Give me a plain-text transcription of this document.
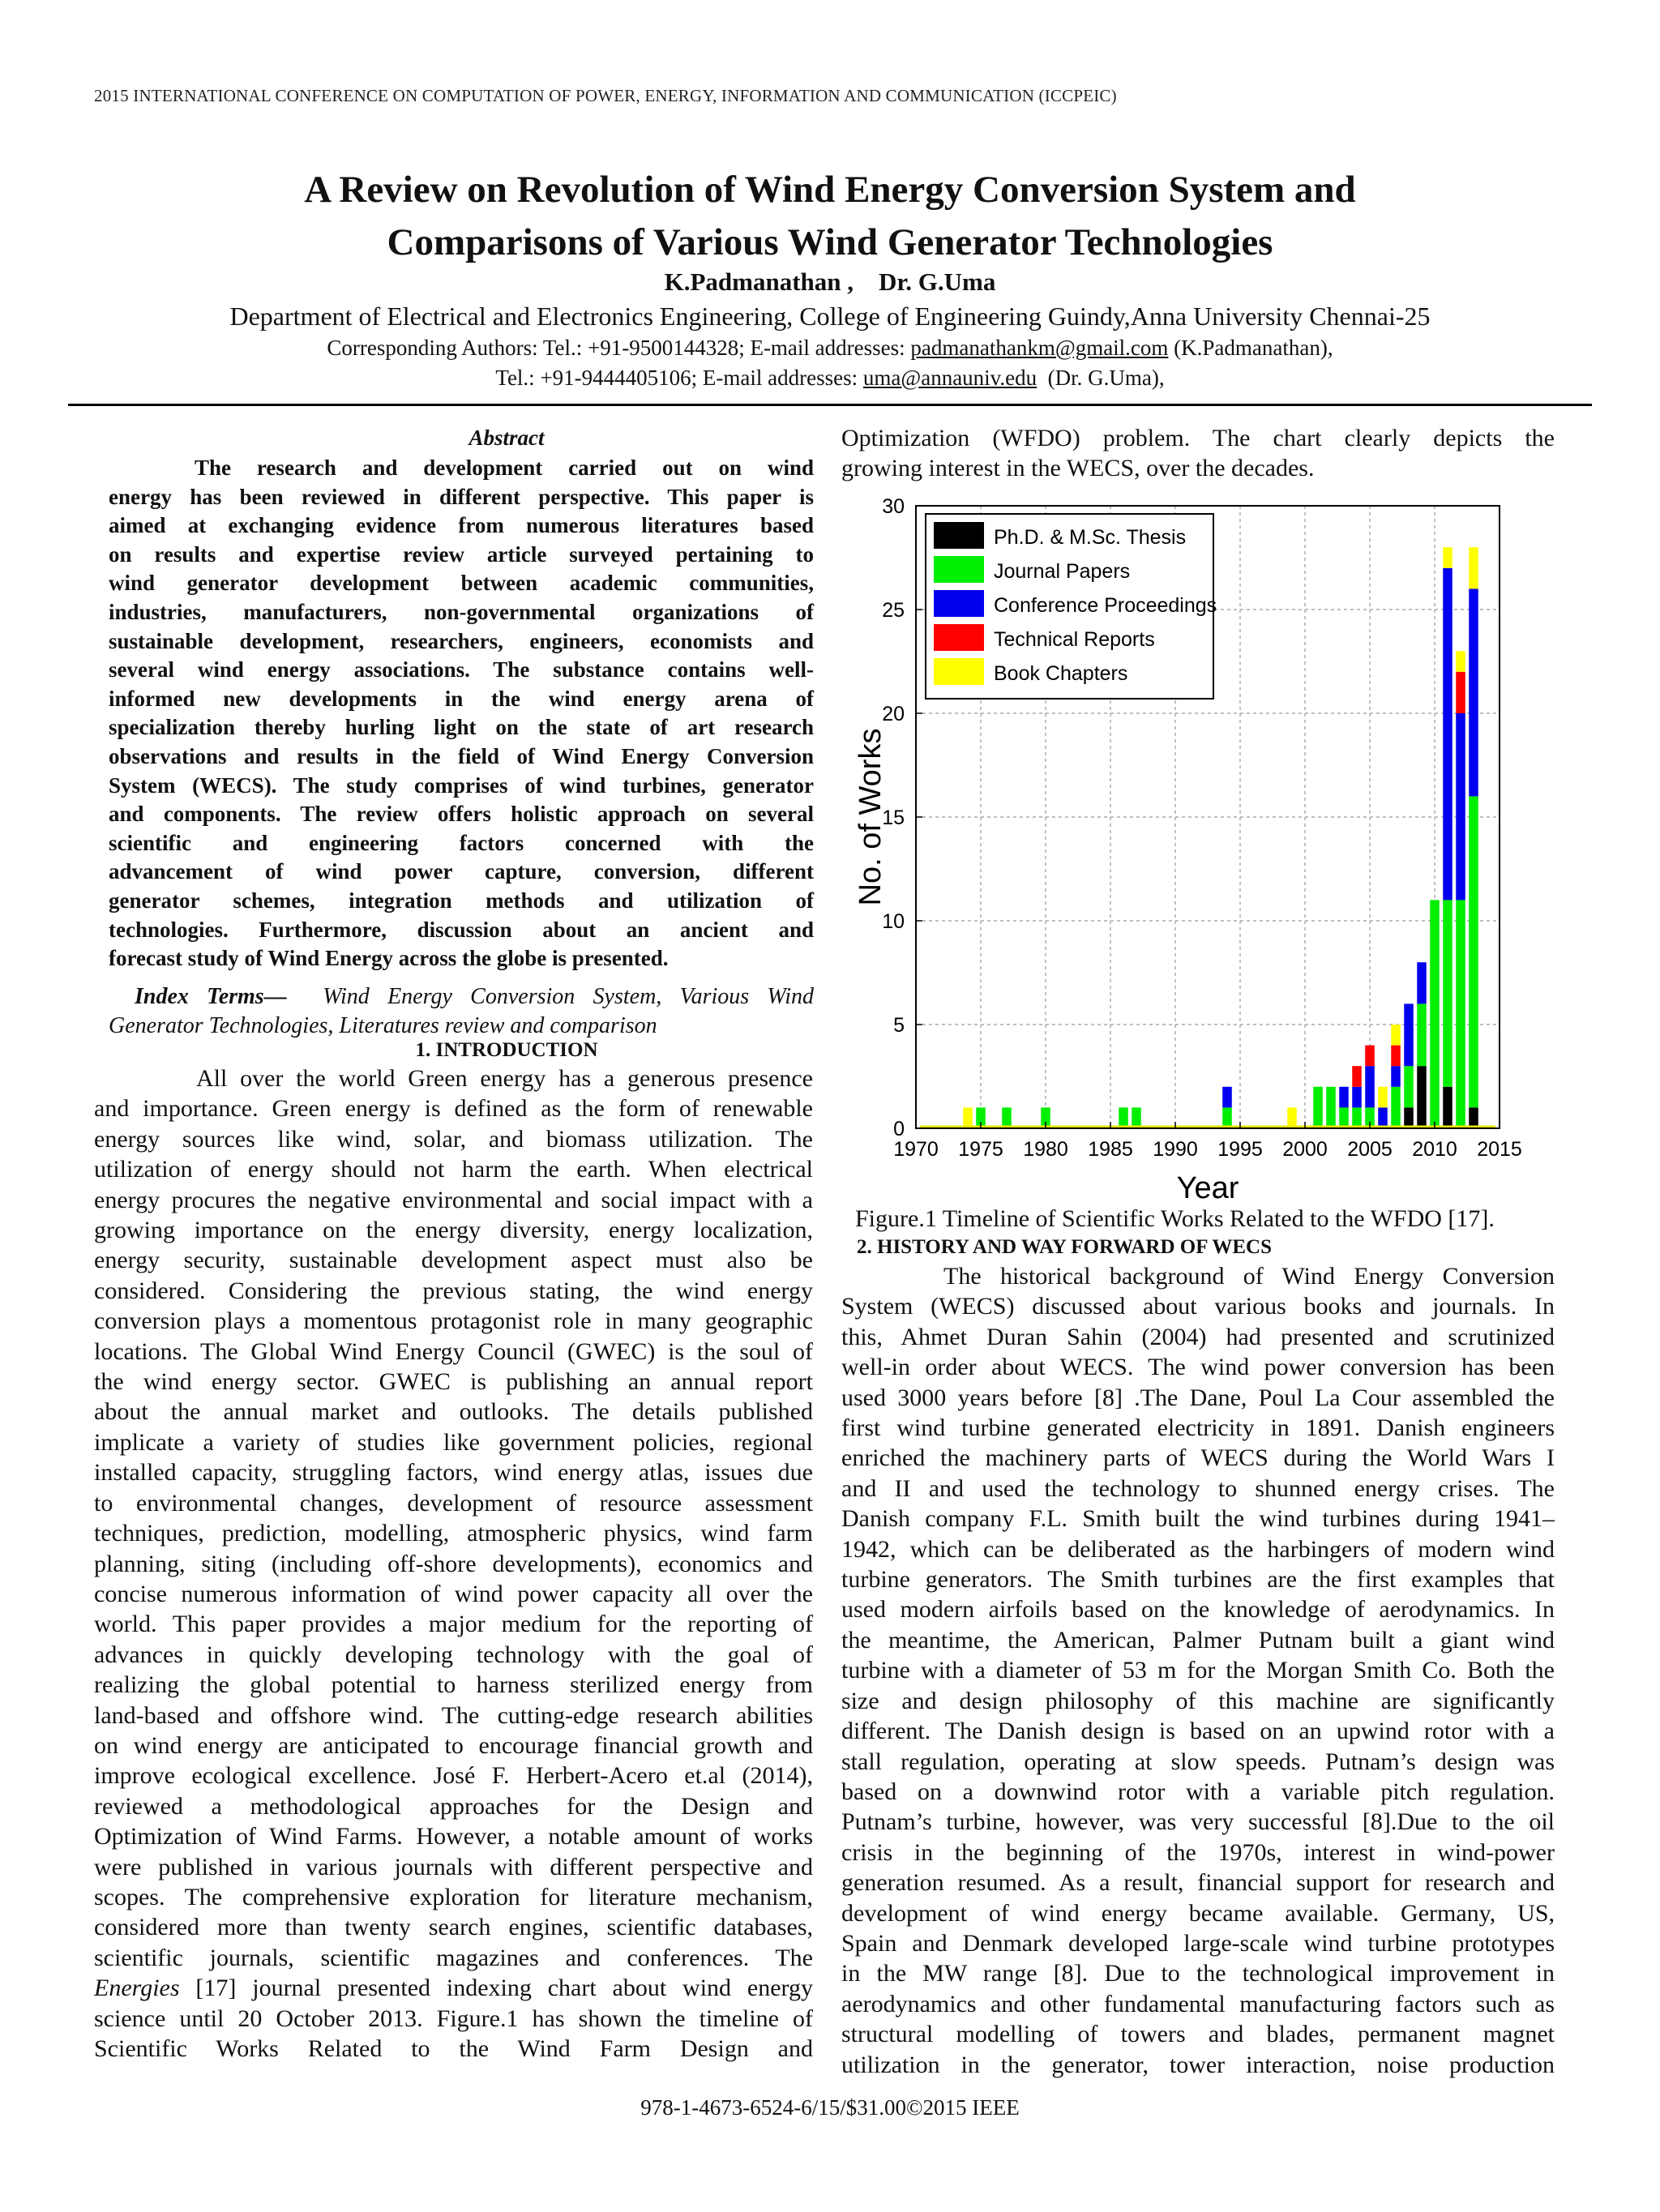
2015 INTERNATIONAL CONFERENCE ON COMPUTATION OF POWER, ENERGY, INFORMATION AND COMMUNICATION (ICCPEIC)
A Review on Revolution of Wind Energy Conversion System and
Comparisons of Various Wind Generator Technologies
K.Padmanathan ,    Dr. G.Uma
Department of Electrical and Electronics Engineering, College of Engineering Guindy,Anna University Chennai-25
Corresponding Authors: Tel.: +91-9500144328; E-mail addresses: padmanathankm@gmail.com (K.Padmanathan),
Tel.: +91-9444405106; E-mail addresses: uma@annauniv.edu  (Dr. G.Uma),
Abstract
The research and development carried out on wind
energy has been reviewed in different perspective. This paper is
aimed at exchanging evidence from numerous literatures based
on results and expertise review article surveyed pertaining to
wind generator development between academic communities,
industries, manufacturers, non-governmental organizations of
sustainable development, researchers, engineers, economists and
several wind energy associations. The substance contains well-
informed new developments in the wind energy arena of
specialization thereby hurling light on the state of art research
observations and results in the field of Wind Energy Conversion
System (WECS). The study comprises of wind turbines, generator
and components. The review offers holistic approach on several
scientific and engineering factors concerned with the
advancement of wind power capture, conversion, different
generator schemes, integration methods and utilization of
technologies. Furthermore, discussion about an ancient and
forecast study of Wind Energy across the globe is presented.
Index Terms— Wind Energy Conversion System, Various Wind
Generator Technologies, Literatures review and comparison
1. INTRODUCTION
All over the world Green energy has a generous presence
and importance. Green energy is defined as the form of renewable
energy sources like wind, solar, and biomass utilization. The
utilization of energy should not harm the earth. When electrical
energy procures the negative environmental and social impact with a
growing importance on the energy diversity, energy localization,
energy security, sustainable development aspect must also be
considered. Considering the previous stating, the wind energy
conversion plays a momentous protagonist role in many geographic
locations. The Global Wind Energy Council (GWEC) is the soul of
the wind energy sector. GWEC is publishing an annual report
about the annual market and outlooks. The details published
implicate a variety of studies like government policies, regional
installed capacity, struggling factors, wind energy atlas, issues due
to environmental changes, development of resource assessment
techniques, prediction, modelling, atmospheric physics, wind farm
planning, siting (including off-shore developments), economics and
concise numerous information of wind power capacity all over the
world. This paper provides a major medium for the reporting of
advances in quickly developing technology with the goal of
realizing the global potential to harness sterilized energy from
land-based and offshore wind. The cutting-edge research abilities
on wind energy are anticipated to encourage financial growth and
improve ecological excellence. José F. Herbert-Acero et.al (2014),
reviewed a methodological approaches for the Design and
Optimization of Wind Farms. However, a notable amount of works
were published in various journals with different perspective and
scopes. The comprehensive exploration for literature mechanism,
considered more than twenty search engines, scientific databases,
scientific journals, scientific magazines and conferences. The
Energies [17] journal presented indexing chart about wind energy
science until 20 October 2013. Figure.1 has shown the timeline of
Scientific Works Related to the Wind Farm Design and
Optimization (WFDO) problem. The chart clearly depicts the
growing interest in the WECS, over the decades.
1970 1975 1980 1985 1990 1995 2000 2005 2010 2015
0
5
10
15
20
25
30
Ph.D. & M.Sc. Thesis
Journal Papers
Conference Proceedings
Technical Reports
Book Chapters
Year
No. of Works
Figure.1 Timeline of Scientific Works Related to the WFDO [17].
2. HISTORY AND WAY FORWARD OF WECS
The historical background of Wind Energy Conversion
System (WECS) discussed about various books and journals. In
this, Ahmet Duran Sahin (2004) had presented and scrutinized
well-in order about WECS. The wind power conversion has been
used 3000 years before [8] .The Dane, Poul La Cour assembled the
first wind turbine generated electricity in 1891. Danish engineers
enriched the machinery parts of WECS during the World Wars I
and II and used the technology to shunned energy crises. The
Danish company F.L. Smith built the wind turbines during 1941–
1942, which can be deliberated as the harbingers of modern wind
turbine generators. The Smith turbines are the first examples that
used modern airfoils based on the knowledge of aerodynamics. In
the meantime, the American, Palmer Putnam built a giant wind
turbine with a diameter of 53 m for the Morgan Smith Co. Both the
size and design philosophy of this machine are significantly
different. The Danish design is based on an upwind rotor with a
stall regulation, operating at slow speeds. Putnam’s design was
based on a downwind rotor with a variable pitch regulation.
Putnam’s turbine, however, was very successful [8].Due to the oil
crisis in the beginning of the 1970s, interest in wind-power
generation resumed. As a result, financial support for research and
development of wind energy became available. Germany, US,
Spain and Denmark developed large-scale wind turbine prototypes
in the MW range [8]. Due to the technological improvement in
aerodynamics and other fundamental manufacturing factors such as
structural modelling of towers and blades, permanent magnet
utilization in the generator, tower interaction, noise production
978-1-4673-6524-6/15/$31.00©2015 IEEE
